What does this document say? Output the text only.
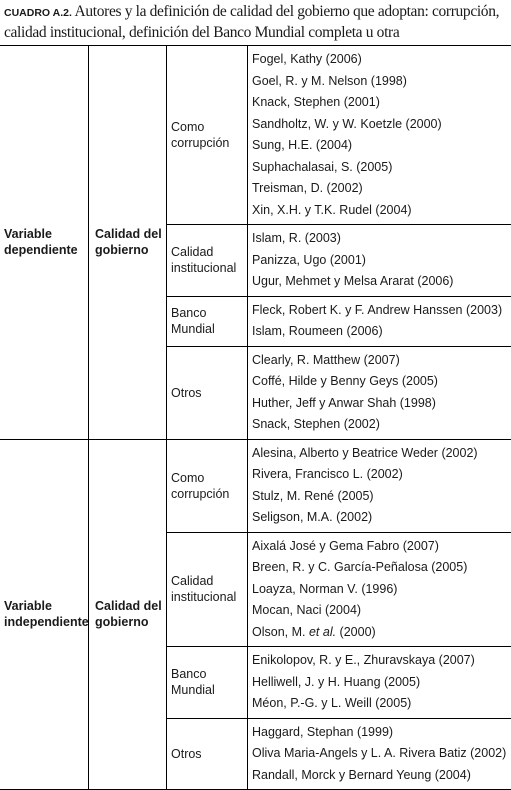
CUADRO A.2. Autores y la definición de calidad del gobierno que adoptan: corrupción, calidad institucional, definición del Banco Mundial completa u otra
Variable dependiente
Calidad del gobierno
Como corrupción
Fogel, Kathy (2006)
Goel, R. y M. Nelson (1998)
Knack, Stephen (2001)
Sandholtz, W. y W. Koetzle (2000)
Sung, H.E. (2004)
Suphachalasai, S. (2005)
Treisman, D. (2002)
Xin, X.H. y T.K. Rudel (2004)
Calidad institucional
Islam, R. (2003)
Panizza, Ugo (2001)
Ugur, Mehmet y Melsa Ararat (2006)
Banco Mundial
Fleck, Robert K. y F. Andrew Hanssen (2003)
Islam, Roumeen (2006)
Otros
Clearly, R. Matthew (2007)
Coffé, Hilde y Benny Geys (2005)
Huther, Jeff y Anwar Shah (1998)
Snack, Stephen (2002)
Variable independiente
Calidad del gobierno
Como corrupción
Alesina, Alberto y Beatrice Weder (2002)
Rivera, Francisco L. (2002)
Stulz, M. René (2005)
Seligson, M.A. (2002)
Calidad institucional
Aixalá José y Gema Fabro (2007)
Breen, R. y C. García-Peñalosa (2005)
Loayza, Norman V. (1996)
Mocan, Naci (2004)
Olson, M. et al. (2000)
Banco Mundial
Enikolopov, R. y E., Zhuravskaya (2007)
Helliwell, J. y H. Huang (2005)
Méon, P.-G. y L. Weill (2005)
Otros
Haggard, Stephan (1999)
Oliva Maria-Angels y L. A. Rivera Batiz (2002)
Randall, Morck y Bernard Yeung (2004)
